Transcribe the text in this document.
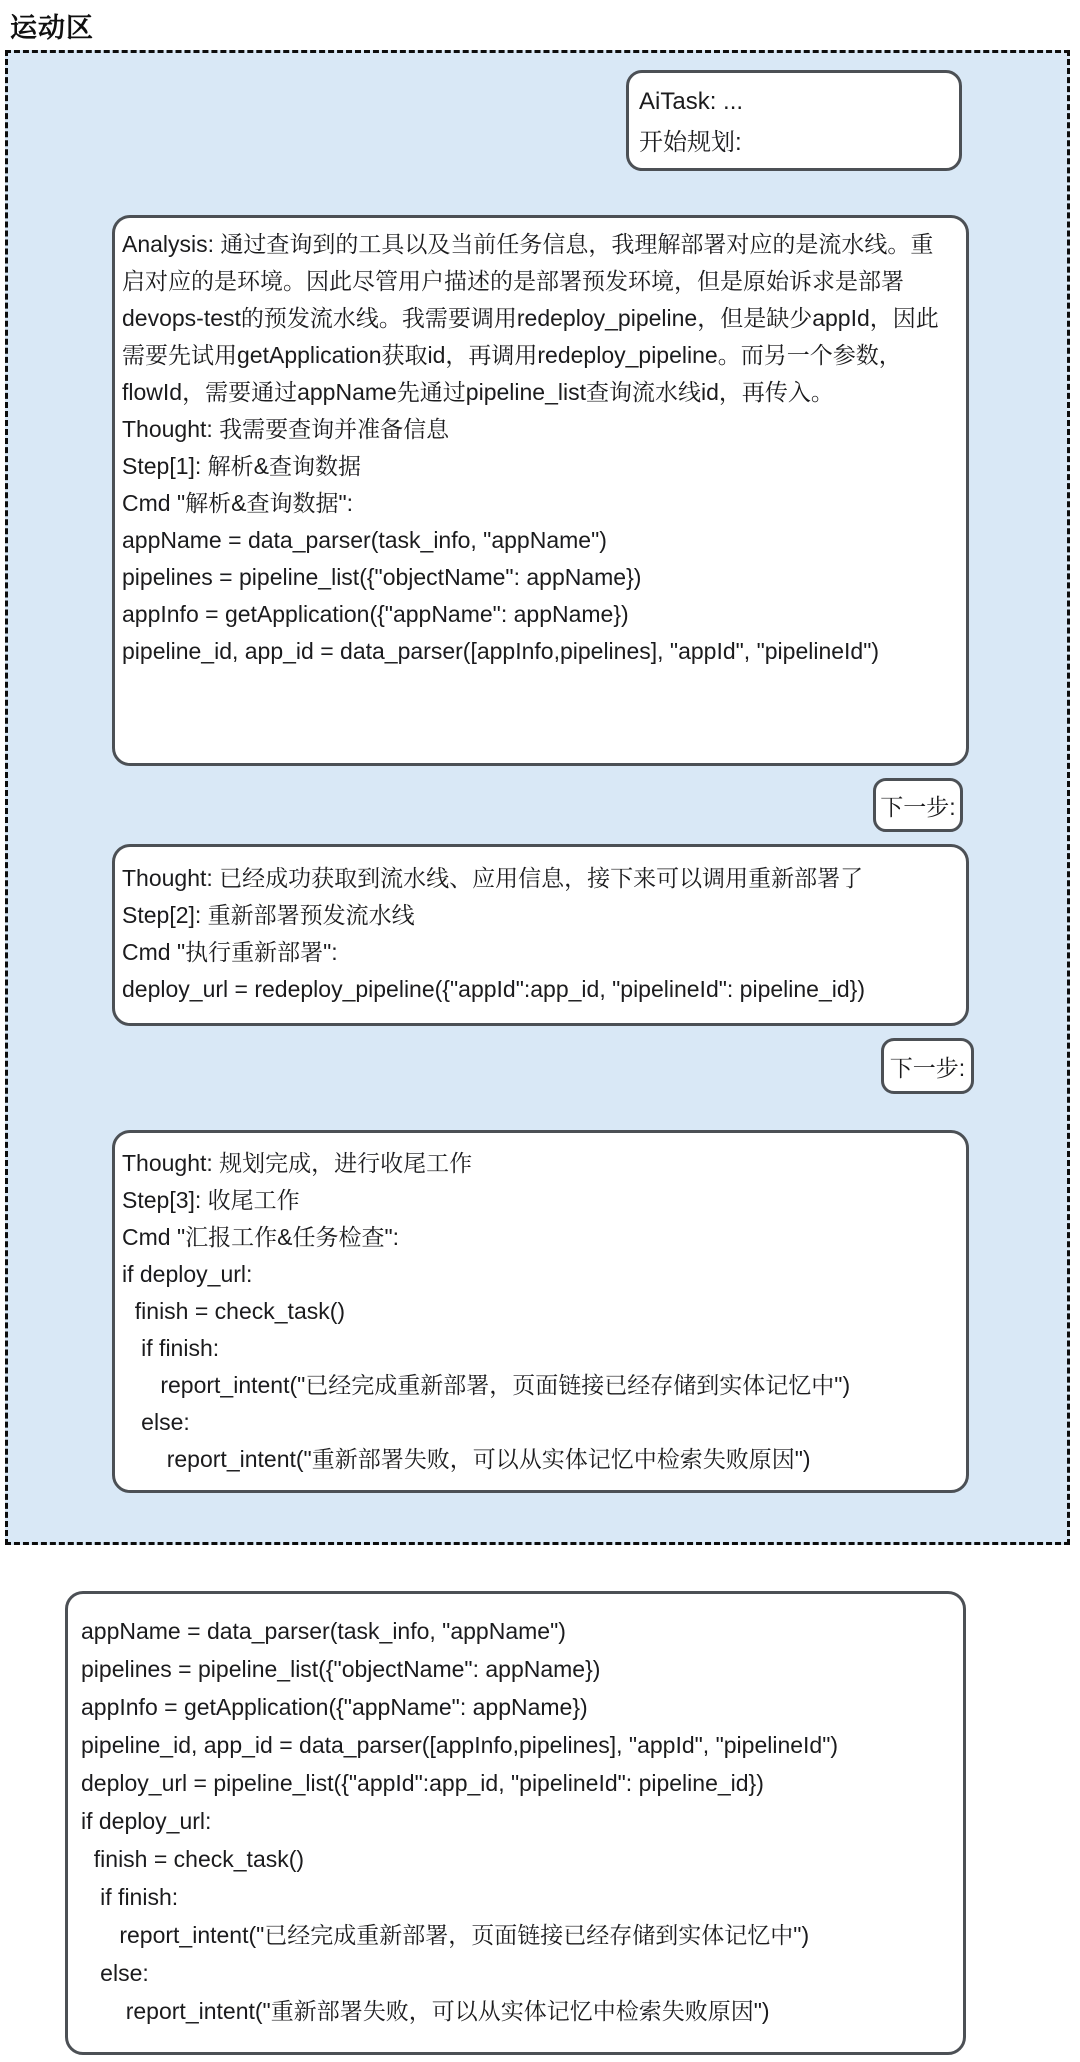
运动区
AiTask: ...
开始规划:
Analysis: 通过查询到的工具以及当前任务信息，我理解部署对应的是流水线。重
启对应的是环境。因此尽管用户描述的是部署预发环境，但是原始诉求是部署
devops-test的预发流水线。我需要调用redeploy_pipeline，但是缺少appId，因此
需要先试用getApplication获取id，再调用redeploy_pipeline。而另一个参数，
flowId，需要通过appName先通过pipeline_list查询流水线id，再传入。
Thought: 我需要查询并准备信息
Step[1]: 解析&查询数据
Cmd "解析&查询数据":
appName = data_parser(task_info, "appName")
pipelines = pipeline_list({"objectName": appName})
appInfo = getApplication({"appName": appName})
pipeline_id, app_id = data_parser([appInfo,pipelines], "appId", "pipelineId")
下一步:
Thought: 已经成功获取到流水线、应用信息，接下来可以调用重新部署了
Step[2]: 重新部署预发流水线
Cmd "执行重新部署":
deploy_url = redeploy_pipeline({"appId":app_id, "pipelineId": pipeline_id})
下一步:
Thought: 规划完成，进行收尾工作
Step[3]: 收尾工作
Cmd "汇报工作&任务检查":
if deploy_url:
finish = check_task()
if finish:
report_intent("已经完成重新部署，页面链接已经存储到实体记忆中")
else:
report_intent("重新部署失败，可以从实体记忆中检索失败原因")
appName = data_parser(task_info, "appName")
pipelines = pipeline_list({"objectName": appName})
appInfo = getApplication({"appName": appName})
pipeline_id, app_id = data_parser([appInfo,pipelines], "appId", "pipelineId")
deploy_url = pipeline_list({"appId":app_id, "pipelineId": pipeline_id})
if deploy_url:
finish = check_task()
if finish:
report_intent("已经完成重新部署，页面链接已经存储到实体记忆中")
else:
report_intent("重新部署失败，可以从实体记忆中检索失败原因")
